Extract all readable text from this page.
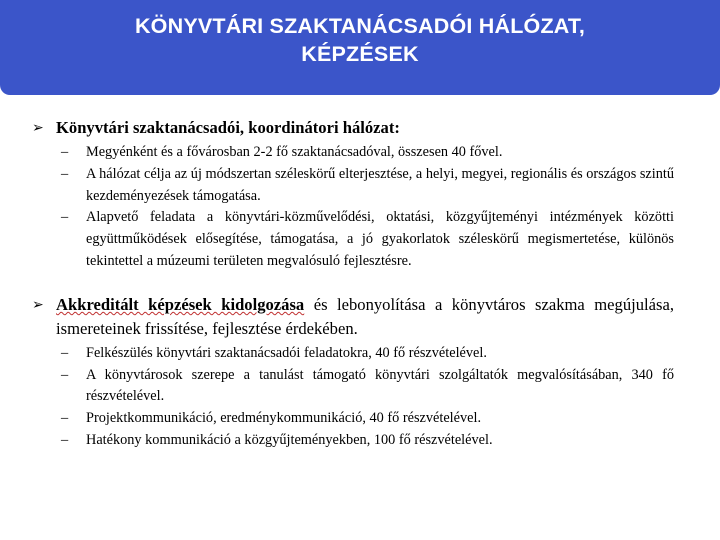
KÖNYVTÁRI SZAKTANÁCSADÓI HÁLÓZAT,
KÉPZÉSEK
➢ Könyvtári szaktanácsadói, koordinátori hálózat:
– Megyénként és a fővárosban 2-2 fő szaktanácsadóval, összesen 40 fővel.
– A hálózat célja az új módszertan széleskörű elterjesztése, a helyi, megyei, regionális és országos szintű kezdeményezések támogatása.
– Alapvető feladata a könyvtári-közművelődési, oktatási, közgyűjteményi intézmények közötti együttműködések elősegítése, támogatása, a jó gyakorlatok széleskörű megismertetése, különös tekintettel a múzeumi területen megvalósuló fejlesztésre.
➢ Akkreditált képzések kidolgozása és lebonyolítása a könyvtáros szakma megújulása, ismereteinek frissítése, fejlesztése érdekében.
– Felkészülés könyvtári szaktanácsadói feladatokra, 40 fő részvételével.
– A könyvtárosok szerepe a tanulást támogató könyvtári szolgáltatók megvalósításában, 340 fő részvételével.
– Projektkommunikáció, eredménykommunikáció, 40 fő részvételével.
– Hatékony kommunikáció a közgyűjteményekben, 100 fő részvételével.
